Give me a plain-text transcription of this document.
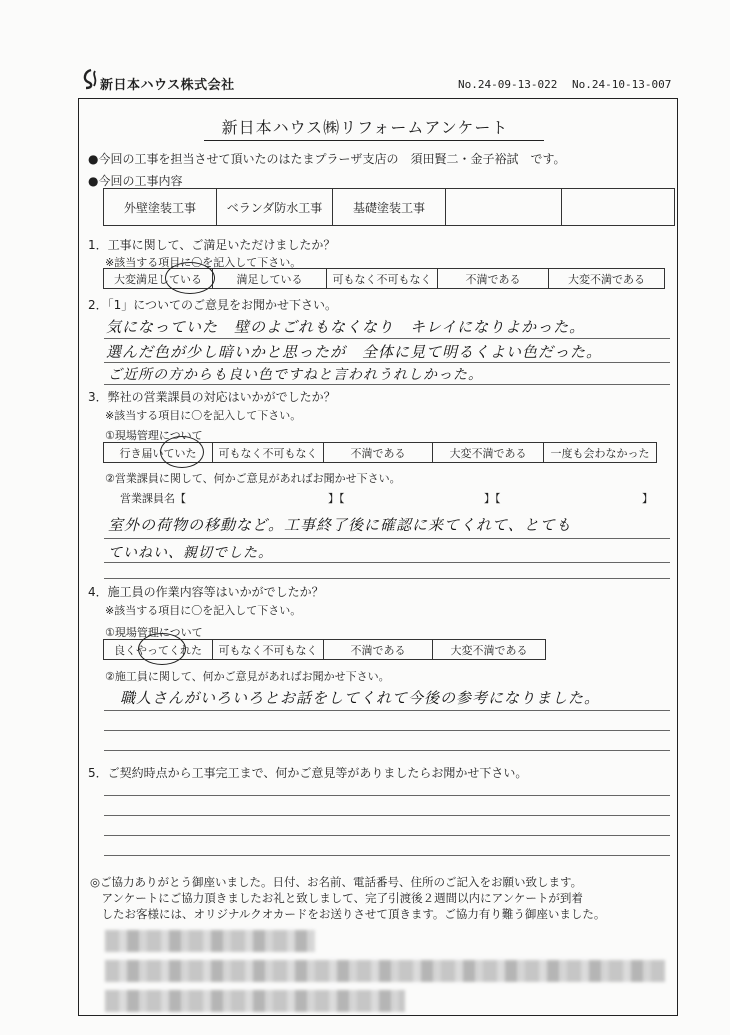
新日本ハウス株式会社	No.24-09-13-022 No.24-10-13-007
新日本ハウス㈱リフォームアンケート
●今回の工事を担当させて頂いたのはたまプラーザ支店の　須田賢二・金子裕試　です。
●今回の工事内容
外壁塗装工事	ベランダ防水工事	基礎塗装工事		
1．工事に関して、ご満足いただけましたか？
※該当する項目に〇を記入して下さい。
大変満足している	満足している	可もなく不可もなく	不満である	大変不満である
2．「1」についてのご意見をお聞かせ下さい。
気になっていた　壁のよごれもなくなり　キレイになりよかった。
選んだ色が少し暗いかと思ったが　全体に見て明るくよい色だった。
ご近所の方からも良い色ですねと言われうれしかった。
3．弊社の営業課員の対応はいかがでしたか？
※該当する項目に〇を記入して下さい。
①現場管理について
行き届いていた	可もなく不可もなく	不満である	大変不満である	一度も会わなかった
②営業課員に関して、何かご意見があればお聞かせ下さい。
営業課員名【	】【	】【	】
室外の荷物の移動など。工事終了後に確認に来てくれて、とても
ていねい、親切でした。
4．施工員の作業内容等はいかがでしたか？
※該当する項目に〇を記入して下さい。
①現場管理について
良くやってくれた	可もなく不可もなく	不満である	大変不満である
②施工員に関して、何かご意見があればお聞かせ下さい。
職人さんがいろいろとお話をしてくれて今後の参考になりました。
5．ご契約時点から工事完工まで、何かご意見等がありましたらお聞かせ下さい。
◎ご協力ありがとう御座いました。日付、お名前、電話番号、住所のご記入をお願い致します。
　アンケートにご協力頂きましたお礼と致しまして、完了引渡後２週間以内にアンケートが到着
　したお客様には、オリジナルクオカードをお送りさせて頂きます。ご協力有り難う御座いました。
